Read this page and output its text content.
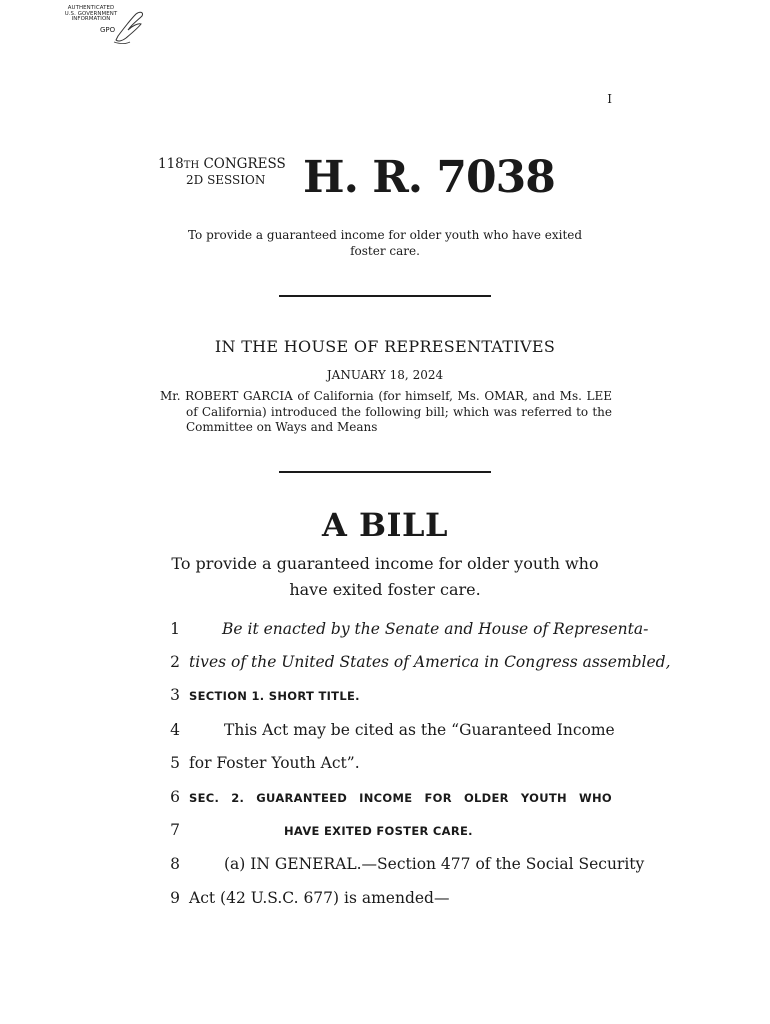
AUTHENTICATED
U.S. GOVERNMENT
INFORMATION
GPO
I
118TH CONGRESS
2D SESSION H. R. 7038
To provide a guaranteed income for older youth who have exited foster care.
IN THE HOUSE OF REPRESENTATIVES
JANUARY 18, 2024
Mr. ROBERT GARCIA of California (for himself, Ms. OMAR, and Ms. LEE of California) introduced the following bill; which was referred to the Committee on Ways and Means
A BILL
To provide a guaranteed income for older youth who have exited foster care.
1	Be it enacted by the Senate and House of Representa-
2 tives of the United States of America in Congress assembled,
3 SECTION 1. SHORT TITLE.
4	This Act may be cited as the “Guaranteed Income
5 for Foster Youth Act”.
6 SEC. 2. GUARANTEED INCOME FOR OLDER YOUTH WHO
7	HAVE EXITED FOSTER CARE.
8	(a) IN GENERAL.—Section 477 of the Social Security
9 Act (42 U.S.C. 677) is amended—
